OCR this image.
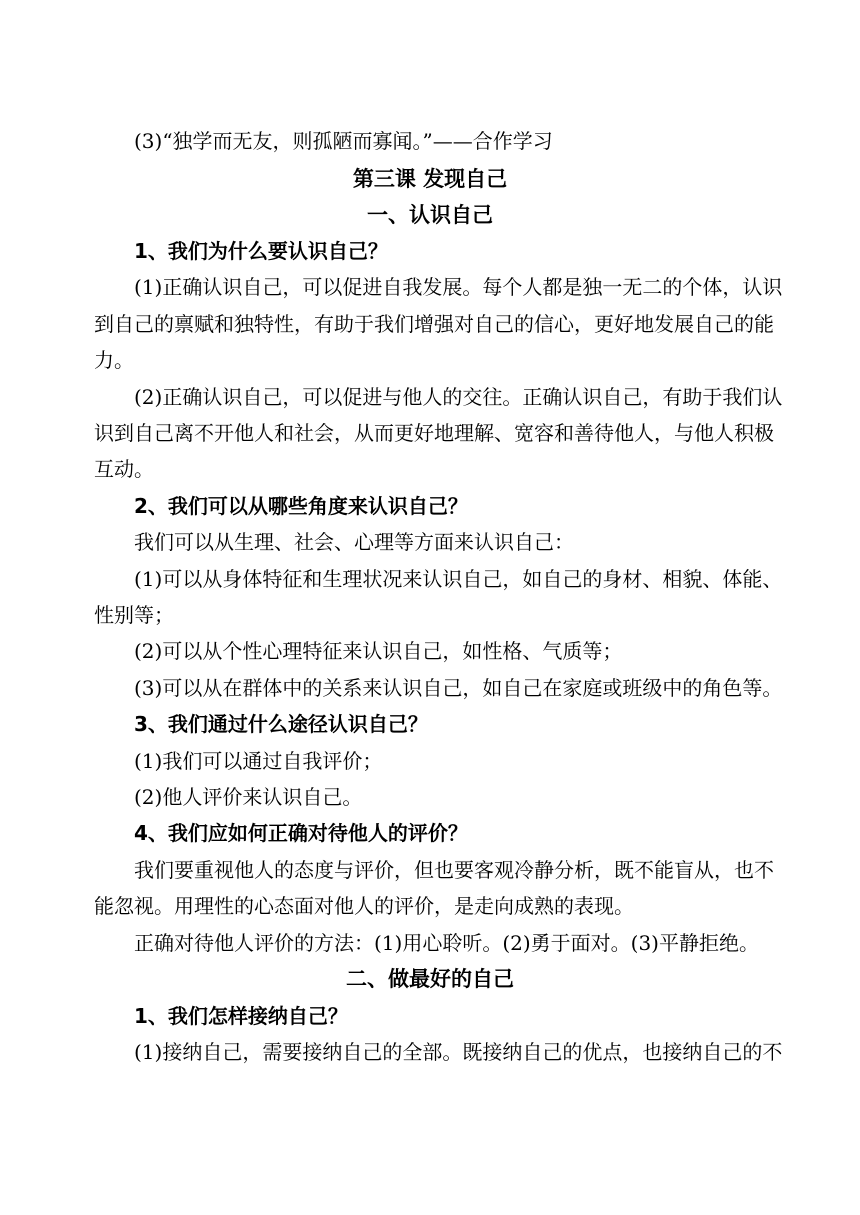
(3)“独学而无友，则孤陋而寡闻。”——合作学习
第三课 发现自己
一、认识自己
1、我们为什么要认识自己？
(1)正确认识自己，可以促进自我发展。每个人都是独一无二的个体，认识
到自己的禀赋和独特性，有助于我们增强对自己的信心，更好地发展自己的能
力。
(2)正确认识自己，可以促进与他人的交往。正确认识自己，有助于我们认
识到自己离不开他人和社会，从而更好地理解、宽容和善待他人，与他人积极
互动。
2、我们可以从哪些角度来认识自己？
我们可以从生理、社会、心理等方面来认识自己：
(1)可以从身体特征和生理状况来认识自己，如自己的身材、相貌、体能、
性别等；
(2)可以从个性心理特征来认识自己，如性格、气质等；
(3)可以从在群体中的关系来认识自己，如自己在家庭或班级中的角色等。
3、我们通过什么途径认识自己？
(1)我们可以通过自我评价；
(2)他人评价来认识自己。
4、我们应如何正确对待他人的评价？
我们要重视他人的态度与评价，但也要客观冷静分析，既不能盲从，也不
能忽视。用理性的心态面对他人的评价，是走向成熟的表现。
正确对待他人评价的方法：(1)用心聆听。(2)勇于面对。(3)平静拒绝。
二、做最好的自己
1、我们怎样接纳自己？
(1)接纳自己，需要接纳自己的全部。既接纳自己的优点，也接纳自己的不
